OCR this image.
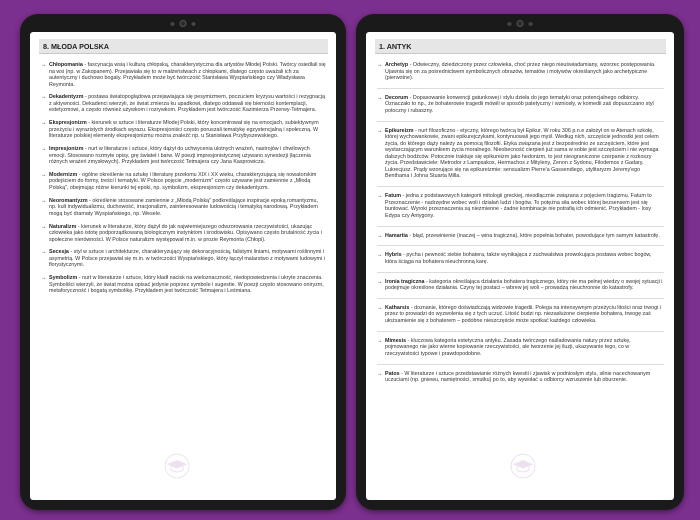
8. MŁODA POLSKA
→ Chłopomania - fascynacja wsią i kulturą chłopską, charakterystyczna dla artystów Młodej Polski. Twórcy osiedlali się na wsi (np. w Zakopanem). Przejawiała się to w małżeństwach z chłopkami, dlatego często uważali ich za autentyczny i duchowo bogaty. Przykładem może być twórczość Stanisława Wyspiańskiego czy Władysława Reymonta.
→ Dekadentyzm - postawa światopoglądowa przejawiająca się pesymizmem, poczuciem kryzysu wartości i rezygnacją z aktywności. Dekadenci wierzyli, że świat zmierza ku upadkowi, dlatego oddawali się bierności kontemplacji, estetyzmowi, a często również używkom i rozrywkom. Przykładem jest twórczość Kazimierza Przerwy-Tetmajera.
→ Ekspresjonizm - kierunek w sztuce i literaturze Młodej Polski, który koncentrował się na emocjach, subiektywnym przeżyciu i wyrazistych środkach wyrazu. Ekspresjoniści często poruszali tematykę egzystencjalną i społeczną. W literaturze polskiej elementy ekspresjonizmu można znaleźć np. u Stanisława Przybyszewskiego.
→ Impresjonizm - nurt w literaturze i sztuce, który dążył do uchwycenia ulotnych wrażeń, nastrojów i chwilowych emocji. Stosowano rozmyte opisy, grę świateł i barw. W poezji impresjonistycznej używano synestezji (łączenia różnych wrażeń zmysłowych). Przykładem jest twórczość Tetmajera czy Jana Kasprowicza.
→ Modernizm - ogólne określenie na sztukę i literaturę przełomu XIX i XX wieku, charakteryzującą się nowatorskim podejściem do formy, treści i tematyki. W Polsce pojęcie „modernizm" często używane jest zamiennie z „Młodą Polską", obejmując różne kierunki tej epoki, np. symbolizm, ekspresjonizm czy dekadentyzm.
→ Neoromantyzm - określenie stosowane zamiennie z „Młodą Polską" podkreślające inspiracje epoką romantyzmu, np. kult indywidualizmu, duchowość, irracjonalizm, zainteresowanie ludowością i tematyką narodową. Przykładem mogą być dramaty Wyspiańskiego, np. Wesele.
→ Naturalizm - kierunek w literaturze, który dążył do jak najwierniejszego odwzorowania rzeczywistości, ukazując człowieka jako istotę podporządkowaną biologicznym instynktom i środowisku. Opisywano często brutalność życia i społeczne nierówności. W Polsce naturalizm występował m.in. w prozie Reymonta (Chłopi).
→ Secesja - styl w sztuce i architekturze, charakteryzujący się dekoracyjnością, falistymi liniami, motywami roślinnymi i asymetrią. W Polsce przejawiał się m.in. w twórczości Wyspiańskiego, który łączył malarstwo z motywami ludowymi i florystycznymi.
→ Symbolizm - nurt w literaturze i sztuce, który kładł nacisk na wieloznaczność, niedopowiedzenia i ukryte znaczenia. Symboliści wierzyli, że świat można opisać jedynie poprzez symbole i sugestie. W poezji często stosowano oniryzm, metaforyczność i bogatą symbolikę. Przykładem jest twórczość Tetmajera i Leśmiana.
1. ANTYK
→ Archetyp - Odwieczny, dziedziczony przez człowieka, choć przez niego nieuświadamiany, wzorzec postępowania. Ujawnia się on za pośrednictwem symbolicznych obrazów, tematów i motywów określanych jako archetypiczne (pierwotne).
→ Decorum - Dopasowanie konwencji gatunkowej i stylu dzieła do jego tematyki oraz potencjalnego odbiorcy. Oznaczało to np., że bohaterowie tragedii mówili w sposób patetyczny i wzniosły, w komedii zaś dopuszczano styl potoczny i rubaszny.
→ Epikureizm - nurt filozoficzno - etyczny, którego twórcą był Epikur. W roku 306 p.n.e założył on w Atenach szkołę, której wychowankowie, zwani epikurejczykami, kontynuowali jego myśl. Według nich, szczęście jednostki jest celem życia, do którego dąży należy za pomocą filozofii. Etyka związana jest z bezpośrednio ze szczęściem, które jest wystarczającym warunkiem życia moralnego. Nieobecność cierpień już sama w sobie jest szczęściem i nie wymaga dalszych bodźców. Potocznie traktuje się epikureizm jako hedonizm, to jest nieograniczone czerpanie z rozkoszy życia. Przedstawiciele: Metrodor z Lampsakos, Hermachos z Mityleny, Zenon z Sydonu, Filodemos z Gadary, Lukrecjusz. Prądy wzorujące się na epikureizmie: sensualizm Pierre'a Gassendiego, utylitaryzm Jeremy'ego Benthama i Johna Stuarta Milla.
→ Fatum - jedna z podstawowych kategorii mitologii greckiej, nieodłącznie związana z pojęciem tragizmu. Fatum to Przeznaczenie - nadrzędne wobec woli i działań ludzi i bogów. To potężna siła wobec której bezsensem jest się buntować. Wyroki przeznaczenia są niezmienne - żadne kombinacje nie potrafią ich odmienić. Przykładem - losy Edypa czy Antygony.
→ Hamartia - błąd, przewinienie (inaczej – wina tragiczna), które popełnia bohater, powodujące tym samym katastrofę.
→ Hybris - pycha i pewność siebie bohatera, także wynikająca z zuchwalstwa prowokująca postawa wobec bogów, która ściąga na bohatera nieuchronną karę.
→ Ironia tragiczna - kategoria określająca działania bohatera tragicznego, który nie ma pełnej wiedzy o swojej sytuacji i podejmuje określone działania. Czyny tej postaci – wbrew jej woli – prowadzą nieuchronnie do katastrofy.
→ Katharsis - doznanie, którego doświadczają widzowie tragedii. Polega na intensywnym przeżyciu litości oraz trwogi i przez to prowadzi do wyzwolenia się z tych uczuć. Litość budzi np. niezasłużone cierpienie bohatera, trwogę zaś ułożsamienie się z bohaterem – podobne nieszczęście może spotkać każdego człowieka.
→ Mimesis - kluczowa kategoria estetyczna antyku. Zasada twórczego naśladowania natury przez sztukę, pojmowanego nie jako wierne kopiowanie rzeczywistości, ale tworzenie jej iluzji, ukazywanie tego, co w rzeczywistości typowe i prawdopodobne.
→ Patos - W literaturze i sztuce przedstawianie różnych kwestii i zjawisk w podniosłym stylu, silnie nacechowanym uczuciami (np. gniewu, namiętności, smutku) po to, aby wywołać u odbiorcy wzruszenie lub oburzenie.
